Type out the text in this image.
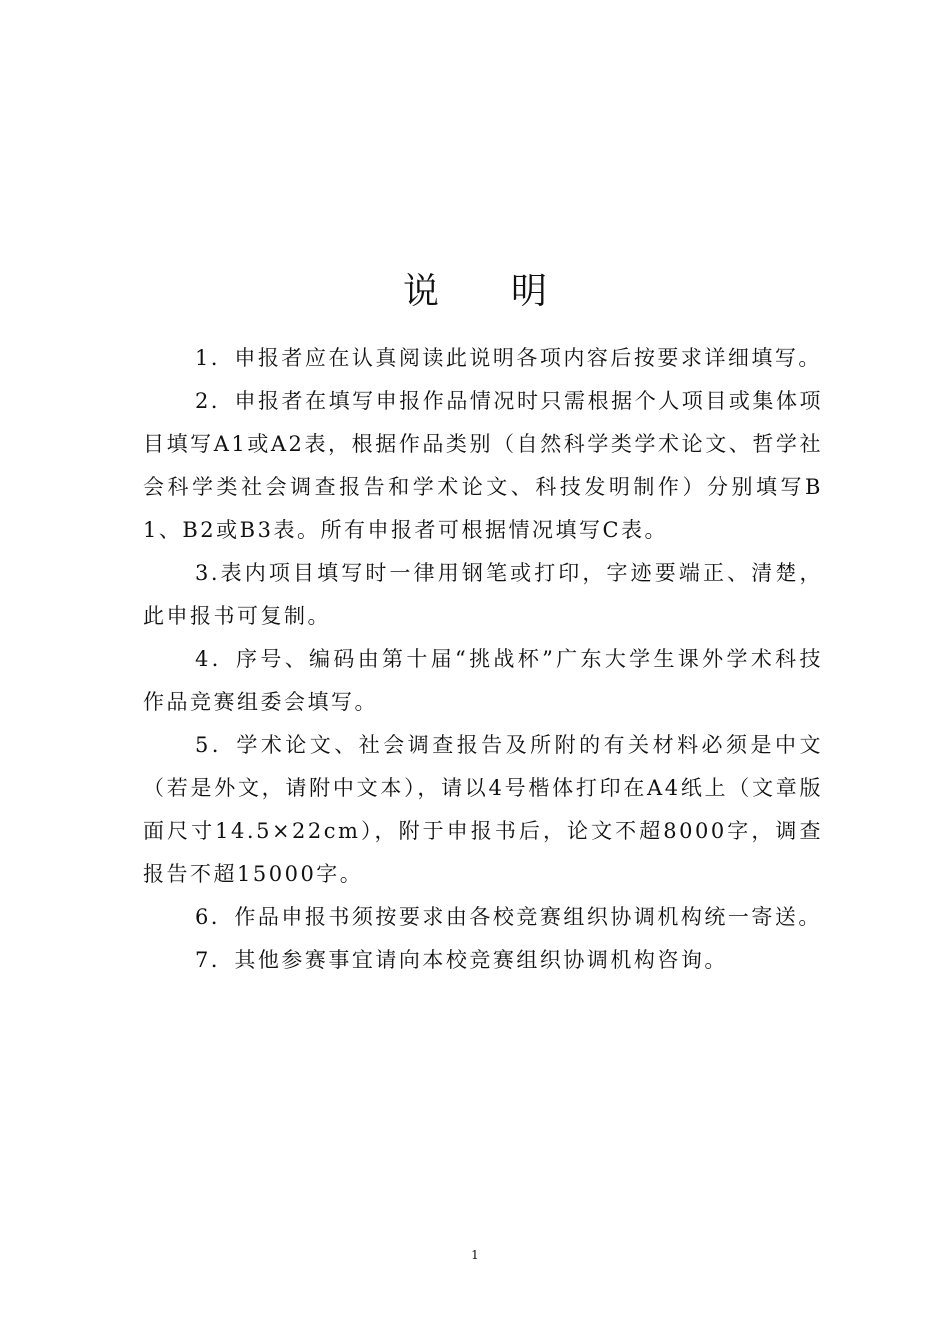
说明

1．申报者应在认真阅读此说明各项内容后按要求详细填写。

2．申报者在填写申报作品情况时只需根据个人项目或集体项目填写A1或A2表，根据作品类别（自然科学类学术论文、哲学社会科学类社会调查报告和学术论文、科技发明制作）分别填写B1、B2或B3表。所有申报者可根据情况填写C表。

3.表内项目填写时一律用钢笔或打印，字迹要端正、清楚，此申报书可复制。

4．序号、编码由第十届“挑战杯”广东大学生课外学术科技作品竞赛组委会填写。

5．学术论文、社会调查报告及所附的有关材料必须是中文（若是外文，请附中文本），请以4号楷体打印在A4纸上（文章版面尺寸14.5×22cm），附于申报书后，论文不超8000字，调查报告不超15000字。

6．作品申报书须按要求由各校竞赛组织协调机构统一寄送。

7．其他参赛事宜请向本校竞赛组织协调机构咨询。

1
